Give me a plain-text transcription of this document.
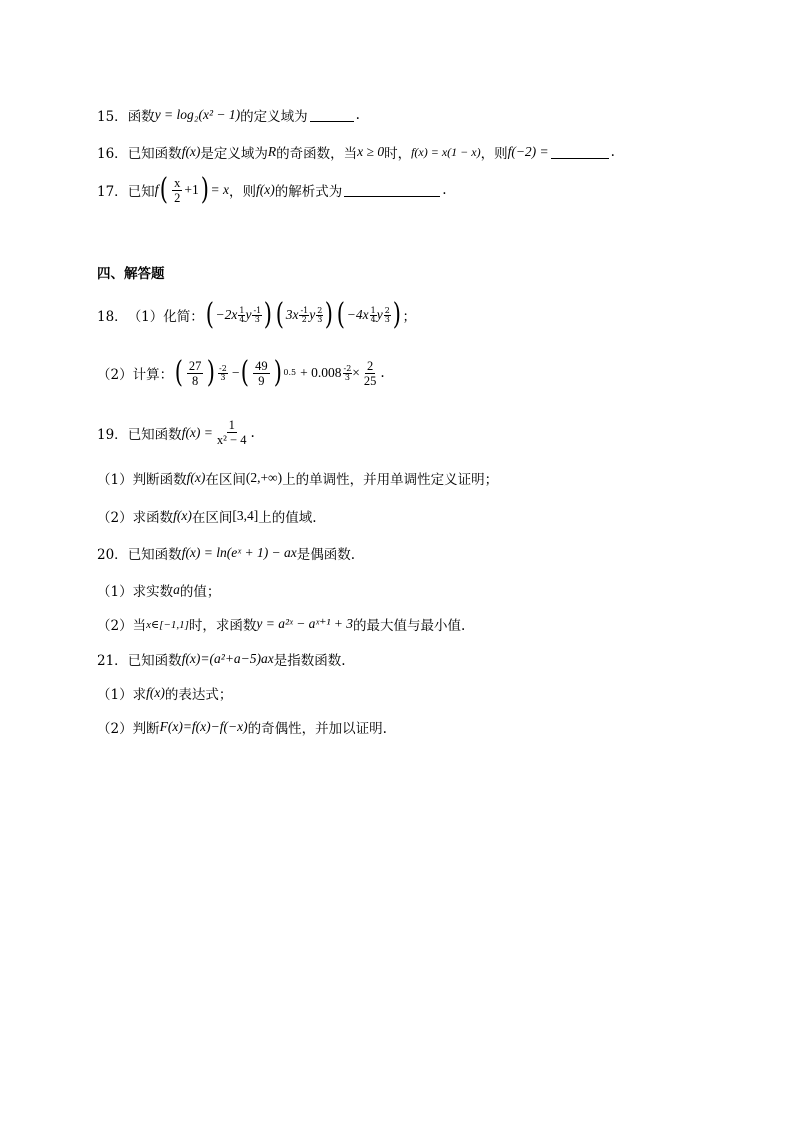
15． 函数 y = log₂(x² − 1) 的定义域为	.
16． 已知函数 f(x) 是定义域为 R 的奇函数，当 x ≥ 0 时， f(x) = x(1 − x) ，则 f(−2) =	.
17． 已知 f ( $\frac{x}{2} +1$ ) = x ，则 f(x) 的解析式为	.
四、解答题
18． （1）化简： ( −2x 1
4 y -1
3 ) ( 3x -1
2 y 2
3 ) ( −4x 1
4 y 2
3 ) ；
（2）计算： ( $\frac{27}{8}$ ) -2
3 − ( $\frac{49}{9}$ ) $0.5 + 0.008 \frac{-2}{3} \times \frac{2}{25}$ .
19． 已知函数 $f(x) = \frac{1}{\text{x² − 4}}$ .
（1）判断函数 f(x) 在区间 (2,+∞) 上的单调性，并用单调性定义证明；
（2）求函数 f(x) 在区间 [3,4] 上的值域.
20． 已知函数 f(x) = ln(eˣ + 1) − ax 是偶函数.
（1）求实数 a 的值；
（2）当 x∈[−1,1] 时，求函数 y = a²ˣ − aˣ⁺¹ + 3 的最大值与最小值.
21． 已知函数 f(x)=(a²+a−5)ax 是指数函数.
（1）求 f(x) 的表达式；
（2）判断 F(x)=f(x)−f(−x) 的奇偶性，并加以证明.
